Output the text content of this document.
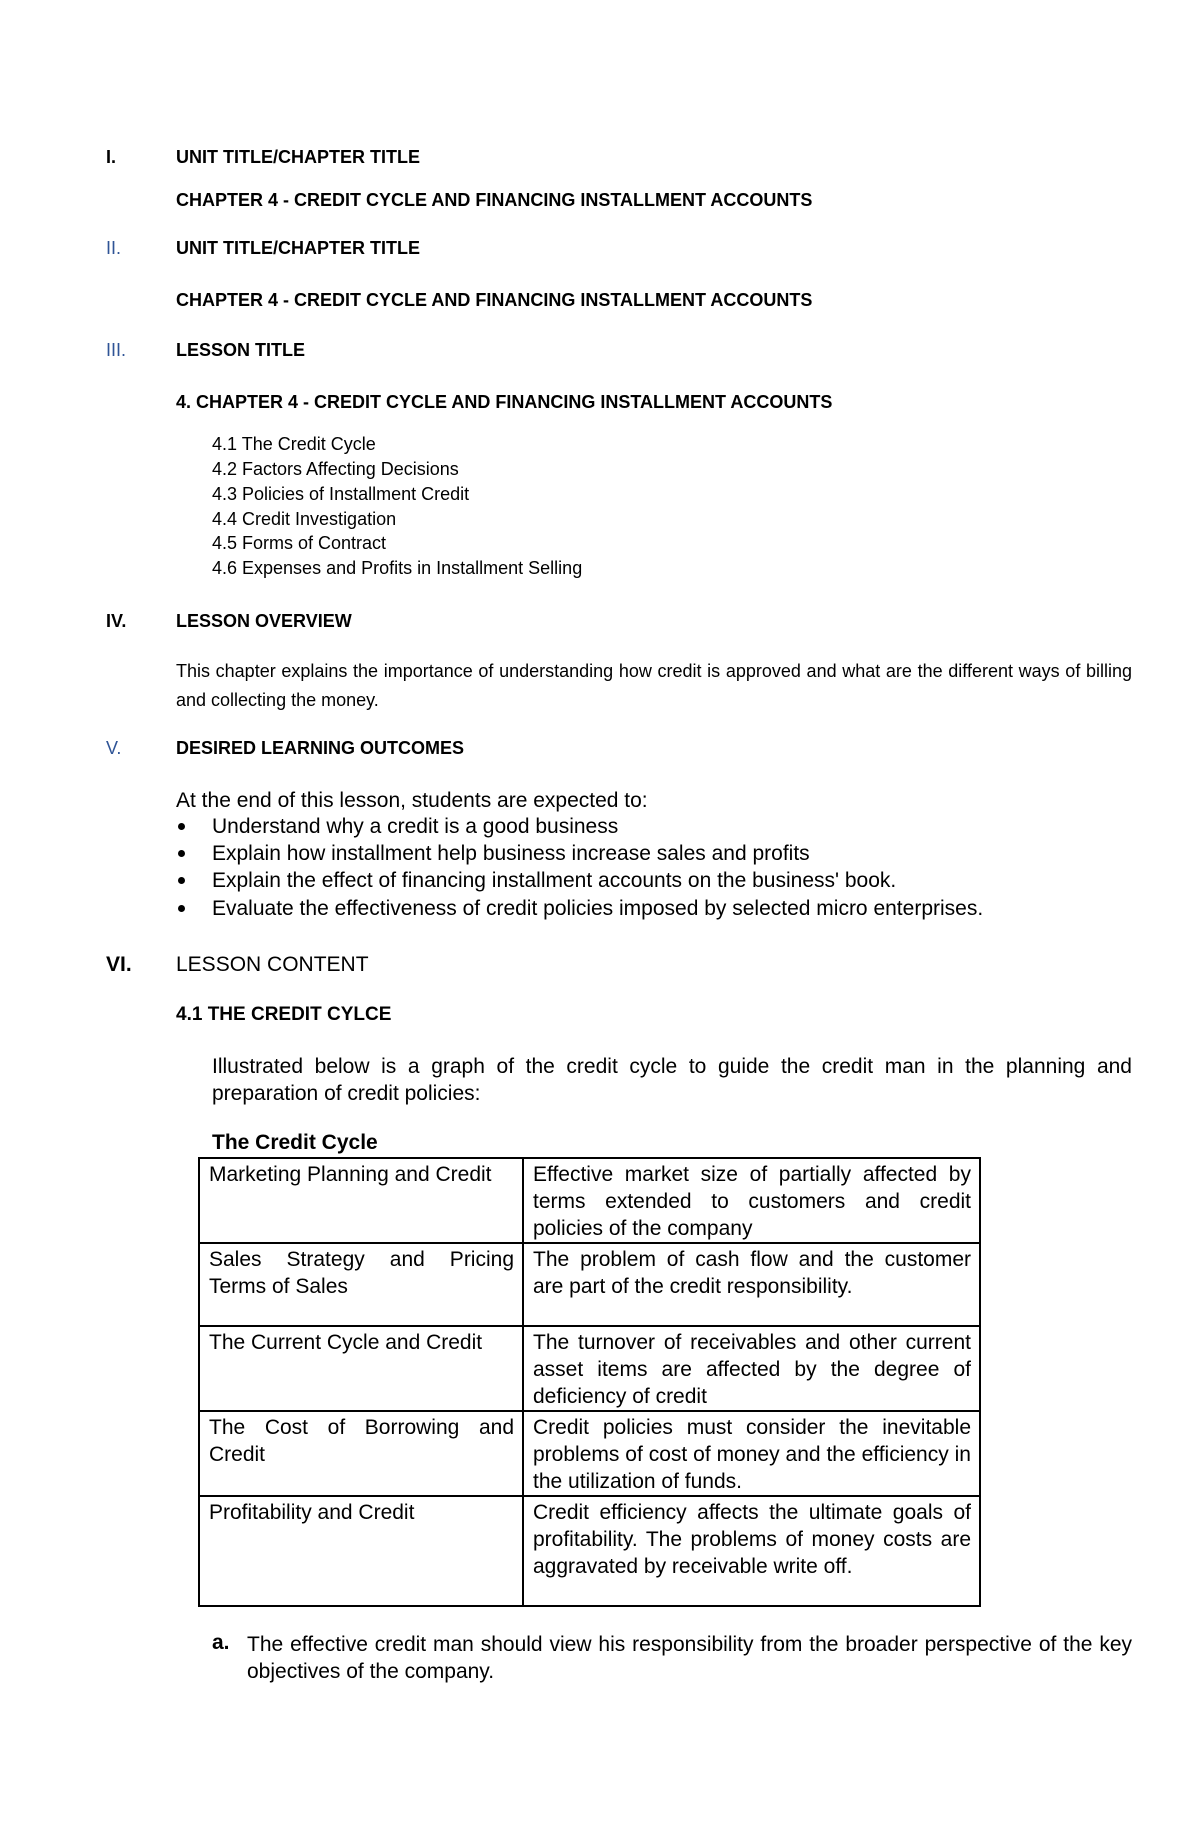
I.	UNIT TITLE/CHAPTER TITLE
CHAPTER 4 - CREDIT CYCLE AND FINANCING INSTALLMENT ACCOUNTS
II.	UNIT TITLE/CHAPTER TITLE
CHAPTER 4 - CREDIT CYCLE AND FINANCING INSTALLMENT ACCOUNTS
III.	LESSON TITLE
4. CHAPTER 4 - CREDIT CYCLE AND FINANCING INSTALLMENT ACCOUNTS
4.1 The Credit Cycle
4.2 Factors Affecting Decisions
4.3 Policies of Installment Credit
4.4 Credit Investigation
4.5 Forms of Contract
4.6 Expenses and Profits in Installment Selling
IV.	LESSON OVERVIEW
This chapter explains the importance of understanding how credit is approved and what are the different ways of billing and collecting the money.
V.	DESIRED LEARNING OUTCOMES
At the end of this lesson, students are expected to:
Understand why a credit is a good business
Explain how installment help business increase sales and profits
Explain the effect of financing installment accounts on the business' book.
Evaluate the effectiveness of credit policies imposed by selected micro enterprises.
VI. LESSON CONTENT
4.1 THE CREDIT CYLCE
Illustrated below is a graph of the credit cycle to guide the credit man in the planning and preparation of credit policies:
The Credit Cycle
Marketing Planning and Credit	Effective market size of partially affected by terms extended to customers and credit policies of the company
Sales Strategy and Pricing Terms of Sales	The problem of cash flow and the customer are part of the credit responsibility.
The Current Cycle and Credit	The turnover of receivables and other current asset items are affected by the degree of deficiency of credit
The Cost of Borrowing and Credit	Credit policies must consider the inevitable problems of cost of money and the efficiency in the utilization of funds.
Profitability and Credit	Credit efficiency affects the ultimate goals of profitability. The problems of money costs are aggravated by receivable write off.
a. The effective credit man should view his responsibility from the broader perspective of the key objectives of the company.
